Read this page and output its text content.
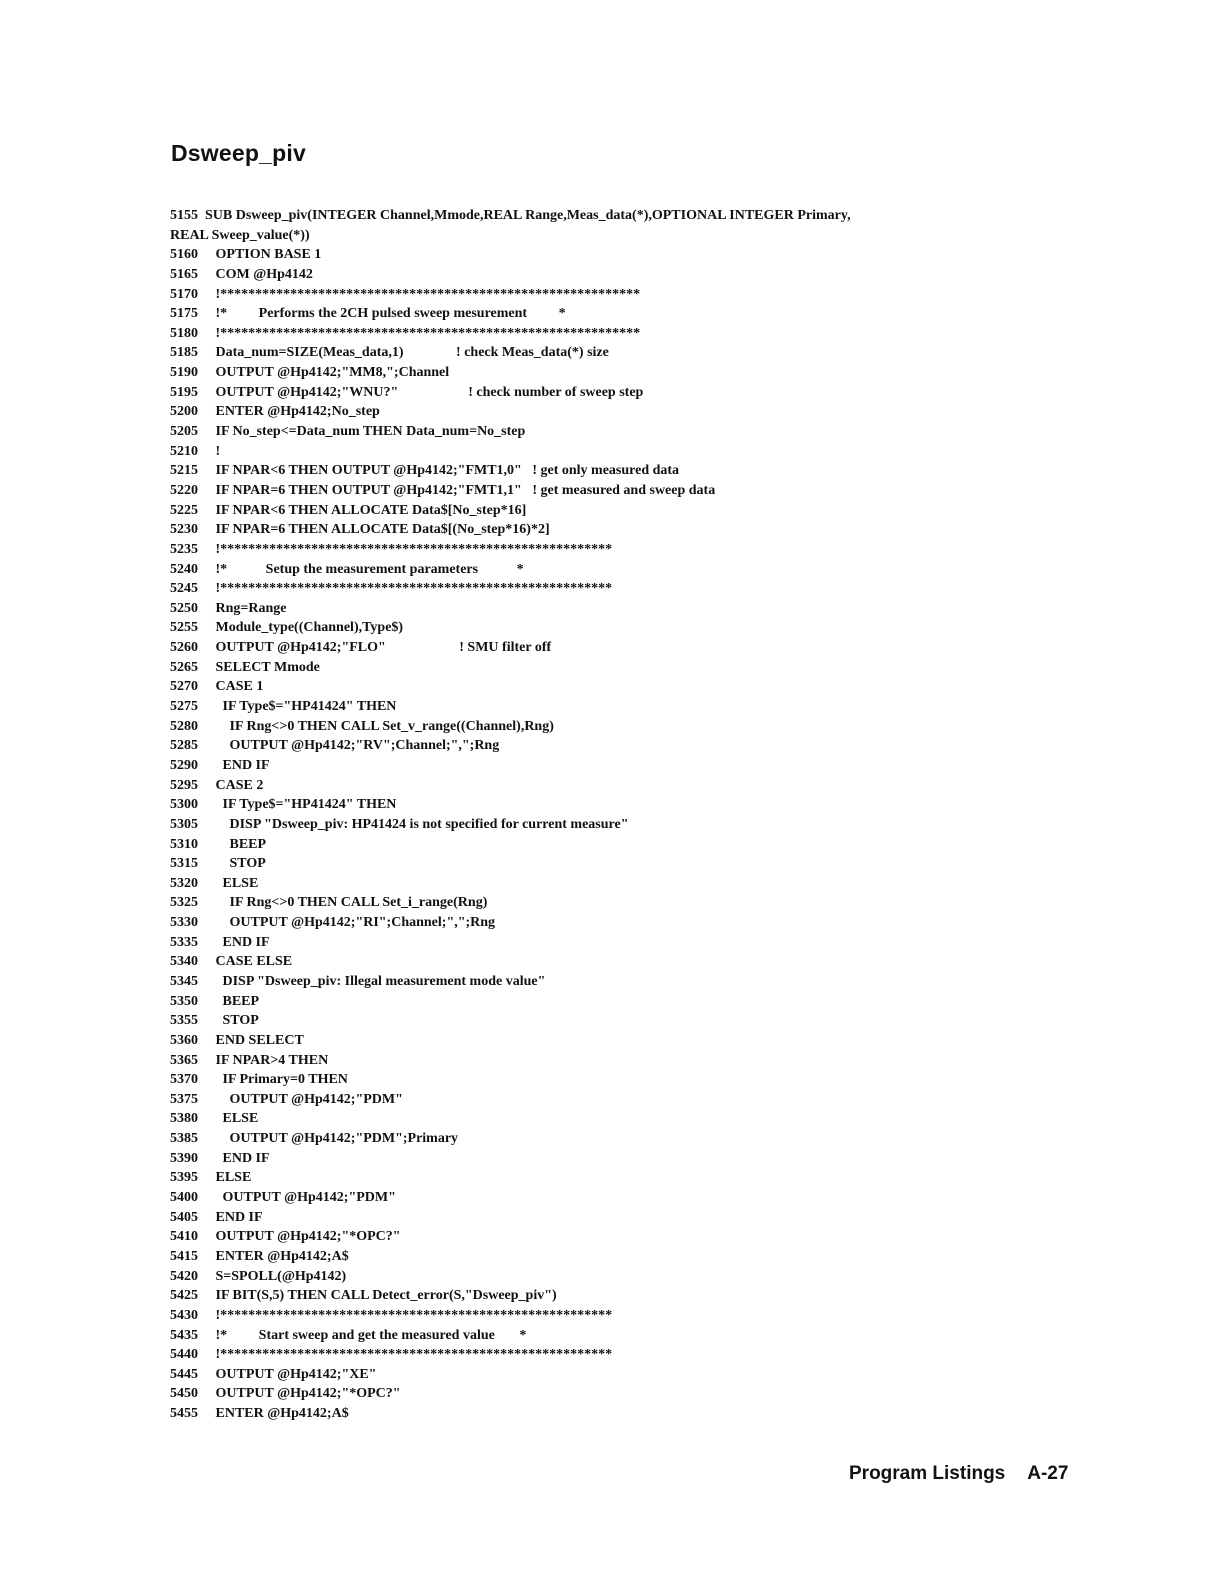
Dsweep_piv
5155  SUB Dsweep_piv(INTEGER Channel,Mmode,REAL Range,Meas_data(*),OPTIONAL INTEGER Primary,
REAL Sweep_value(*))
5160     OPTION BASE 1
5165     COM @Hp4142
5170     !************************************************************
5175     !*         Performs the 2CH pulsed sweep mesurement         *
5180     !************************************************************
5185     Data_num=SIZE(Meas_data,1)               ! check Meas_data(*) size
5190     OUTPUT @Hp4142;"MM8,";Channel
5195     OUTPUT @Hp4142;"WNU?"                    ! check number of sweep step
5200     ENTER @Hp4142;No_step
5205     IF No_step<=Data_num THEN Data_num=No_step
5210     !
5215     IF NPAR<6 THEN OUTPUT @Hp4142;"FMT1,0"   ! get only measured data
5220     IF NPAR=6 THEN OUTPUT @Hp4142;"FMT1,1"   ! get measured and sweep data
5225     IF NPAR<6 THEN ALLOCATE Data$[No_step*16]
5230     IF NPAR=6 THEN ALLOCATE Data$[(No_step*16)*2]
5235     !********************************************************
5240     !*           Setup the measurement parameters           *
5245     !********************************************************
5250     Rng=Range
5255     Module_type((Channel),Type$)
5260     OUTPUT @Hp4142;"FLO"                     ! SMU filter off
5265     SELECT Mmode
5270     CASE 1
5275       IF Type$="HP41424" THEN
5280         IF Rng<>0 THEN CALL Set_v_range((Channel),Rng)
5285         OUTPUT @Hp4142;"RV";Channel;",";Rng
5290       END IF
5295     CASE 2
5300       IF Type$="HP41424" THEN
5305         DISP "Dsweep_piv: HP41424 is not specified for current measure"
5310         BEEP
5315         STOP
5320       ELSE
5325         IF Rng<>0 THEN CALL Set_i_range(Rng)
5330         OUTPUT @Hp4142;"RI";Channel;",";Rng
5335       END IF
5340     CASE ELSE
5345       DISP "Dsweep_piv: Illegal measurement mode value"
5350       BEEP
5355       STOP
5360     END SELECT
5365     IF NPAR>4 THEN
5370       IF Primary=0 THEN
5375         OUTPUT @Hp4142;"PDM"
5380       ELSE
5385         OUTPUT @Hp4142;"PDM";Primary
5390       END IF
5395     ELSE
5400       OUTPUT @Hp4142;"PDM"
5405     END IF
5410     OUTPUT @Hp4142;"*OPC?"
5415     ENTER @Hp4142;A$
5420     S=SPOLL(@Hp4142)
5425     IF BIT(S,5) THEN CALL Detect_error(S,"Dsweep_piv")
5430     !********************************************************
5435     !*         Start sweep and get the measured value       *
5440     !********************************************************
5445     OUTPUT @Hp4142;"XE"
5450     OUTPUT @Hp4142;"*OPC?"
5455     ENTER @Hp4142;A$
Program Listings A-27
